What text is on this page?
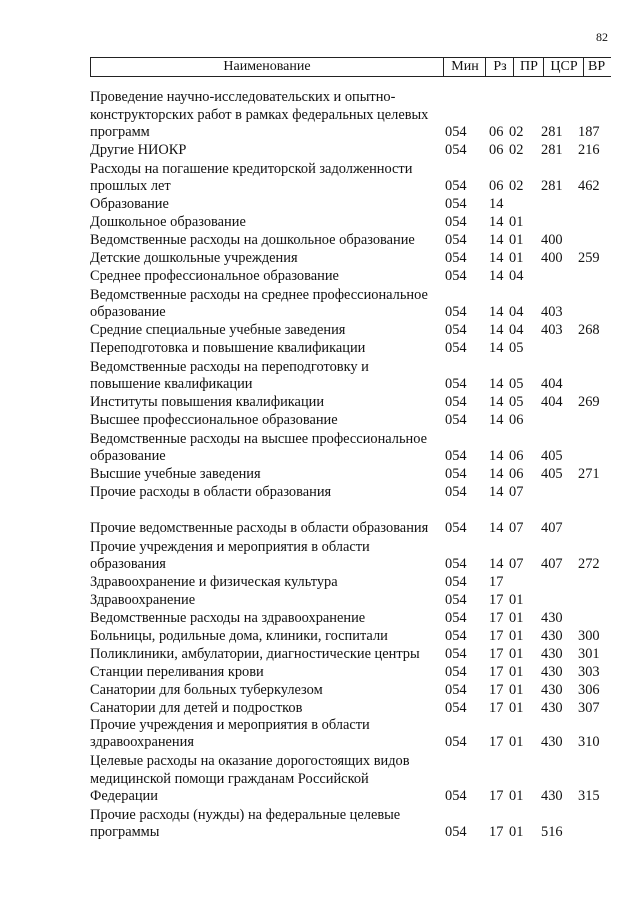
82
Наименование	Мин	Рз ПР ЦСР ВР
Проведение научно-исследовательских и опытно-конструкторских работ в рамках федеральных целевых программ	054 06 02 281 187
Другие НИОКР	054 06 02 281 216
Расходы на погашение кредиторской задолженности прошлых лет	054 06 02 281 462
Образование	054 14
Дошкольное образование	054 14 01
Ведомственные расходы на дошкольное образование	054 14 01 400
Детские дошкольные учреждения	054 14 01 400 259
Среднее профессиональное образование	054 14 04
Ведомственные расходы на среднее профессиональное образование	054 14 04 403
Средние специальные учебные заведения	054 14 04 403 268
Переподготовка и повышение квалификации	054 14 05
Ведомственные расходы на переподготовку и повышение квалификации	054 14 05 404
Институты повышения квалификации	054 14 05 404 269
Высшее профессиональное образование	054 14 06
Ведомственные расходы на высшее профессиональное образование	054 14 06 405
Высшие учебные заведения	054 14 06 405 271
Прочие расходы в области образования	054 14 07
Прочие ведомственные расходы в области образования	054 14 07 407
Прочие учреждения и мероприятия в области образования	054 14 07 407 272
Здравоохранение и физическая культура	054 17
Здравоохранение	054 17 01
Ведомственные расходы на здравоохранение	054 17 01 430
Больницы, родильные дома, клиники, госпитали	054 17 01 430 300
Поликлиники, амбулатории, диагностические центры	054 17 01 430 301
Станции переливания крови	054 17 01 430 303
Санатории для больных туберкулезом	054 17 01 430 306
Санатории для детей и подростков	054 17 01 430 307
Прочие учреждения и мероприятия в области здравоохранения	054 17 01 430 310
Целевые расходы на оказание дорогостоящих видов медицинской помощи гражданам Российской Федерации	054 17 01 430 315
Прочие расходы (нужды) на федеральные целевые программы	054 17 01 516
